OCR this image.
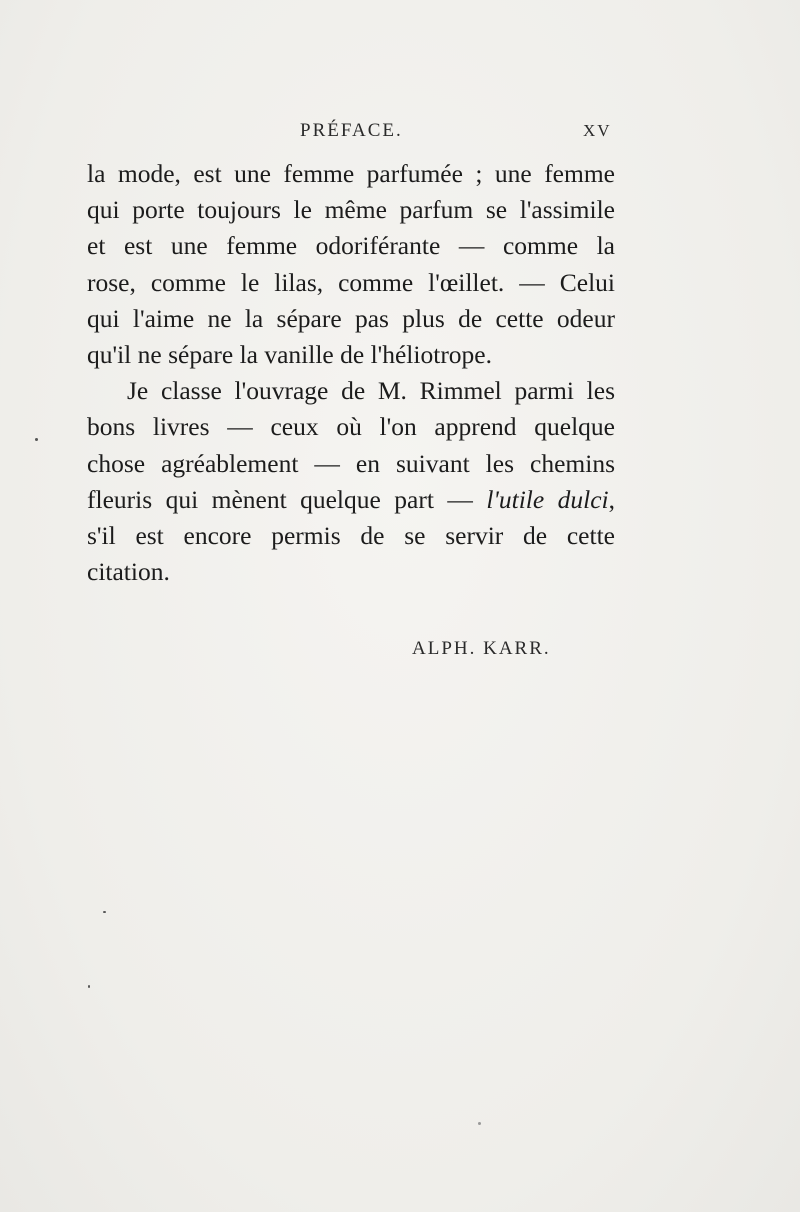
PRÉFACE.	XV

la mode, est une femme parfumée ; une femme
qui porte toujours le même parfum se l'assimile
et est une femme odoriférante — comme la
rose, comme le lilas, comme l'œillet. — Celui
qui l'aime ne la sépare pas plus de cette odeur
qu'il ne sépare la vanille de l'héliotrope.

Je classe l'ouvrage de M. Rimmel parmi les
bons livres — ceux où l'on apprend quelque
chose agréablement — en suivant les chemins
fleuris qui mènent quelque part — l'utile dulci,
s'il est encore permis de se servir de cette
citation.

ALPH. KARR.
